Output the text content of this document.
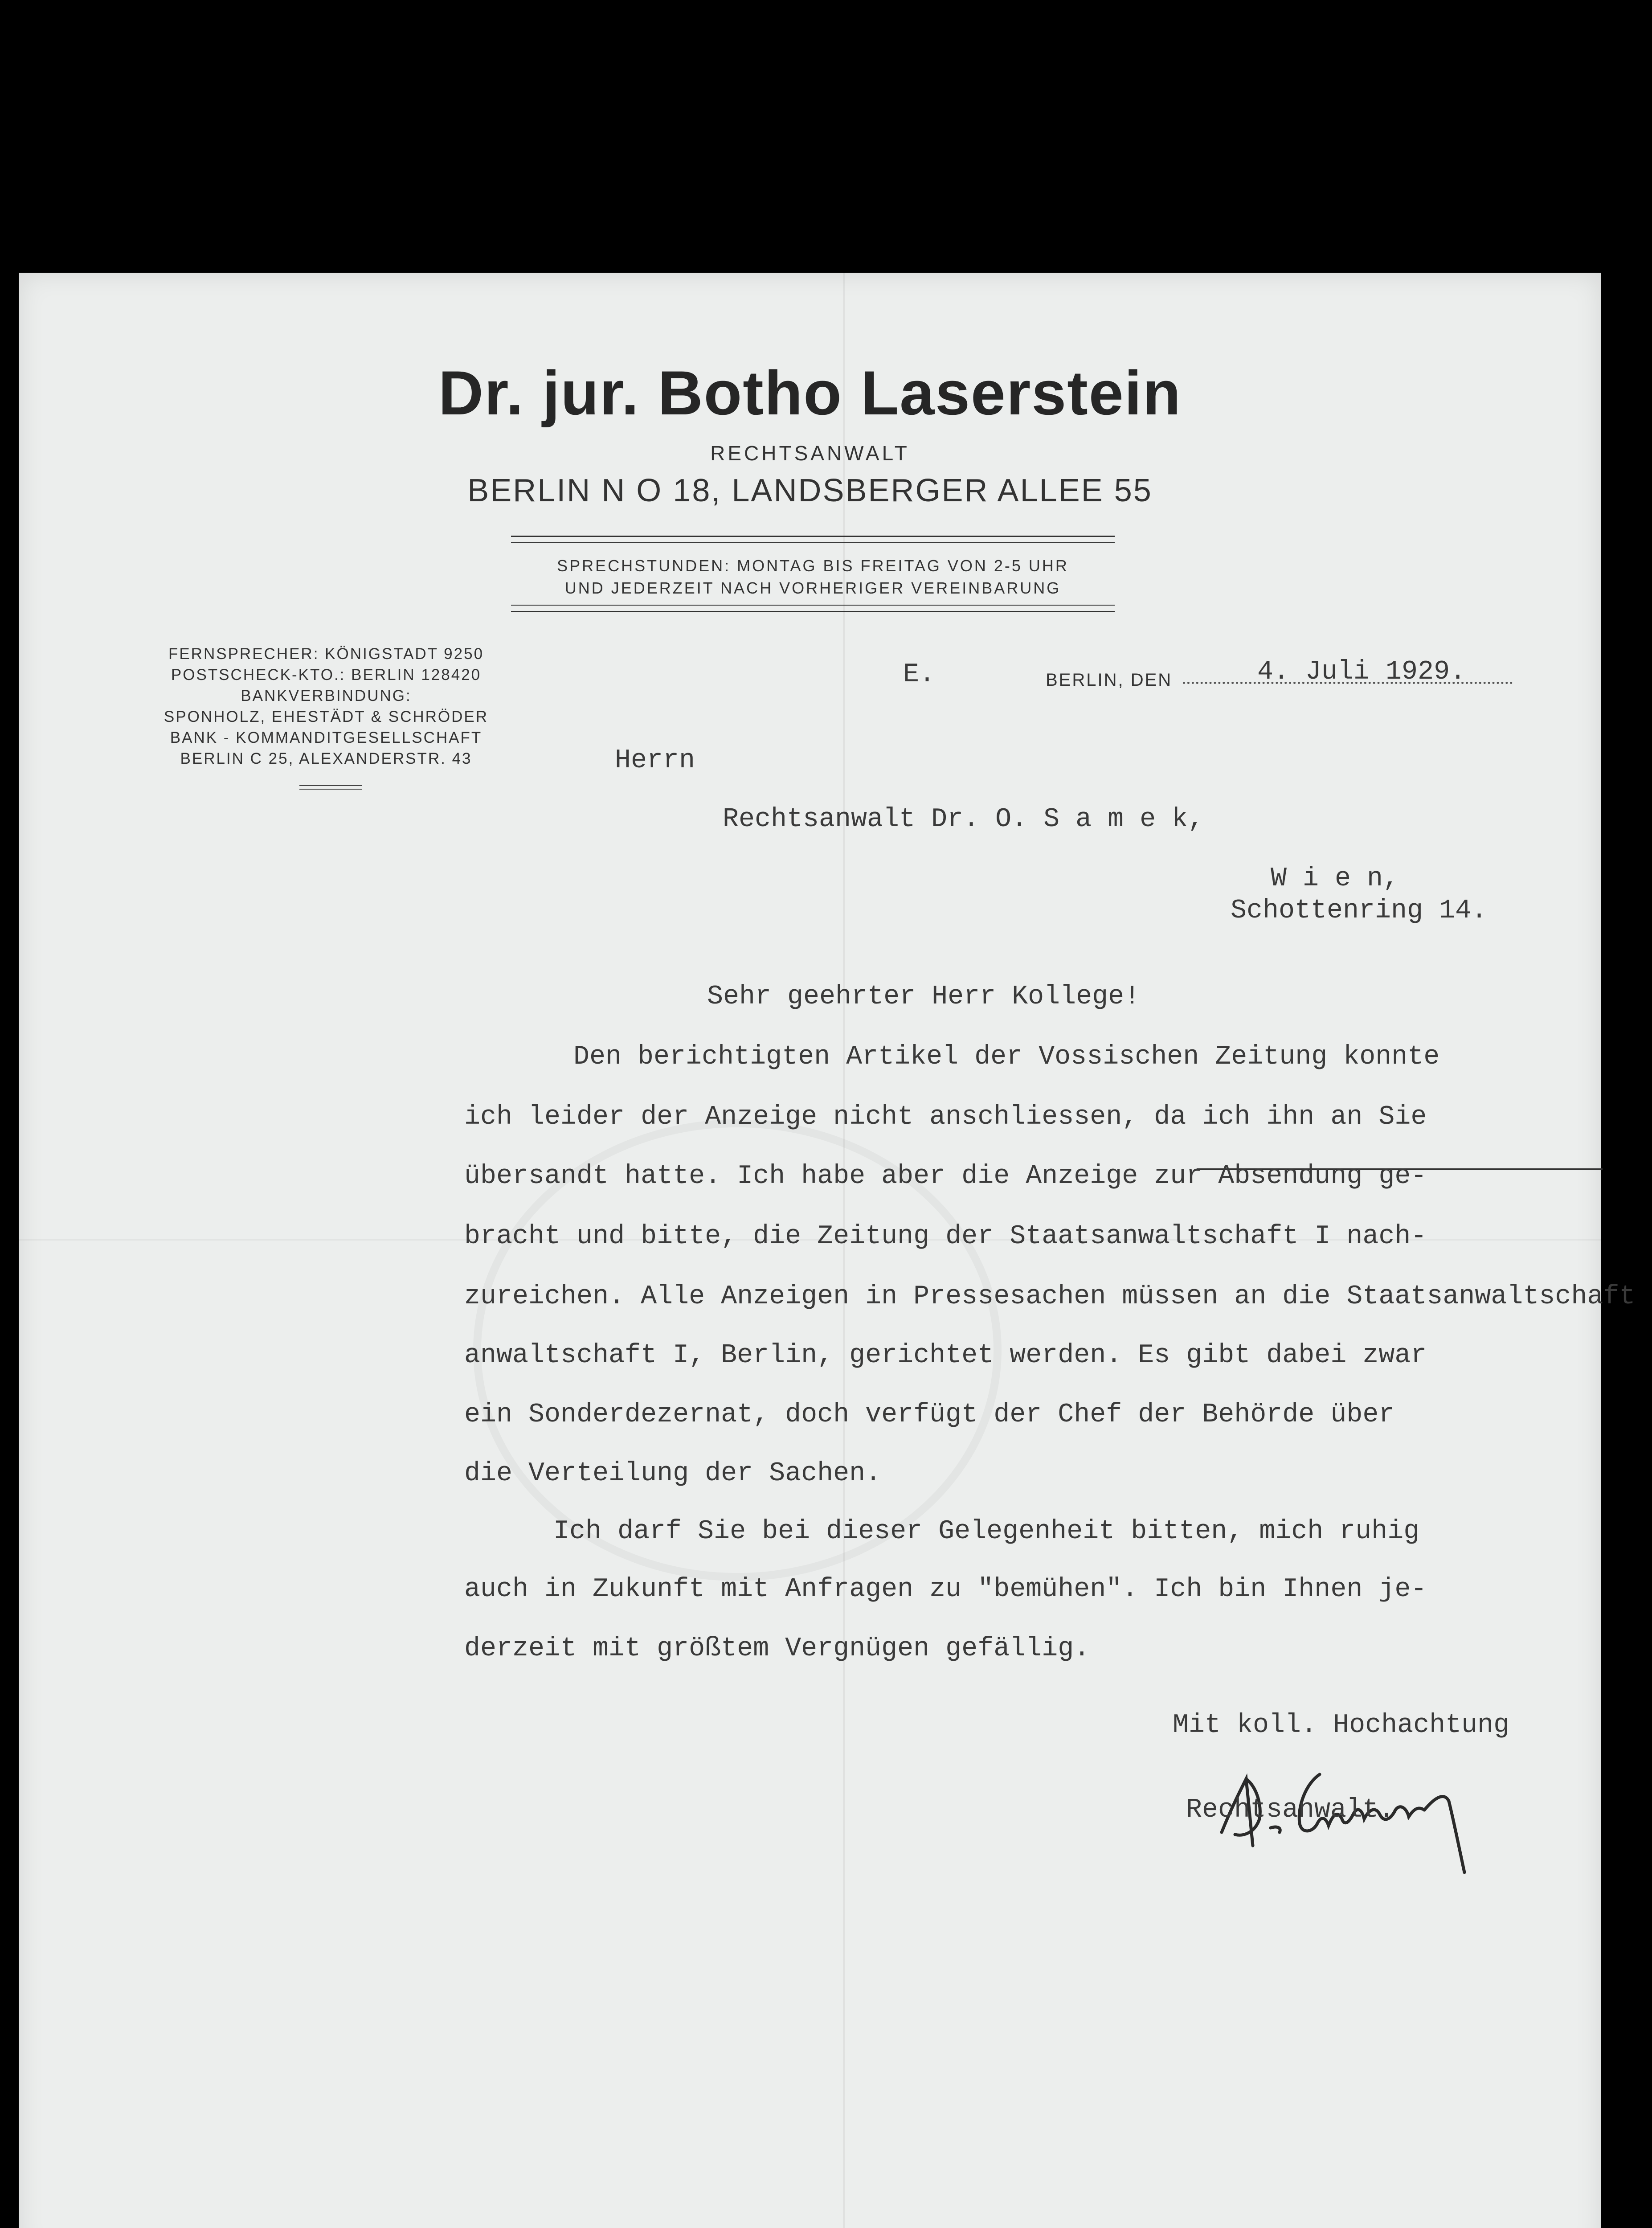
Dr. jur. Botho Laserstein
RECHTSANWALT
BERLIN N O 18, LANDSBERGER ALLEE 55
SPRECHSTUNDEN: MONTAG BIS FREITAG VON 2-5 UHR
UND JEDERZEIT NACH VORHERIGER VEREINBARUNG
FERNSPRECHER: KÖNIGSTADT 9250
POSTSCHECK-KTO.: BERLIN 128420
BANKVERBINDUNG:
SPONHOLZ, EHESTÄDT & SCHRÖDER
BANK - KOMMANDITGESELLSCHAFT
BERLIN C 25, ALEXANDERSTR. 43
E.	BERLIN, DEN	4. Juli 1929.
Herrn
Rechtsanwalt Dr. O. S a m e k,
W i e n,
Schottenring 14.
Sehr geehrter Herr Kollege!
Den berichtigten Artikel der Vossischen Zeitung konnte
ich leider der Anzeige nicht anschliessen, da ich ihn an Sie
übersandt hatte. Ich habe aber die Anzeige zur Absendung ge-
bracht und bitte, die Zeitung der Staatsanwaltschaft I nach-
zureichen. Alle Anzeigen in Pressesachen müssen an die Staatsanwaltschaft
anwaltschaft I, Berlin, gerichtet werden. Es gibt dabei zwar
ein Sonderdezernat, doch verfügt der Chef der Behörde über
die Verteilung der Sachen.
Ich darf Sie bei dieser Gelegenheit bitten, mich ruhig
auch in Zukunft mit Anfragen zu "bemühen". Ich bin Ihnen je-
derzeit mit größtem Vergnügen gefällig.
Mit koll. Hochachtung
Rechtsanwalt.
